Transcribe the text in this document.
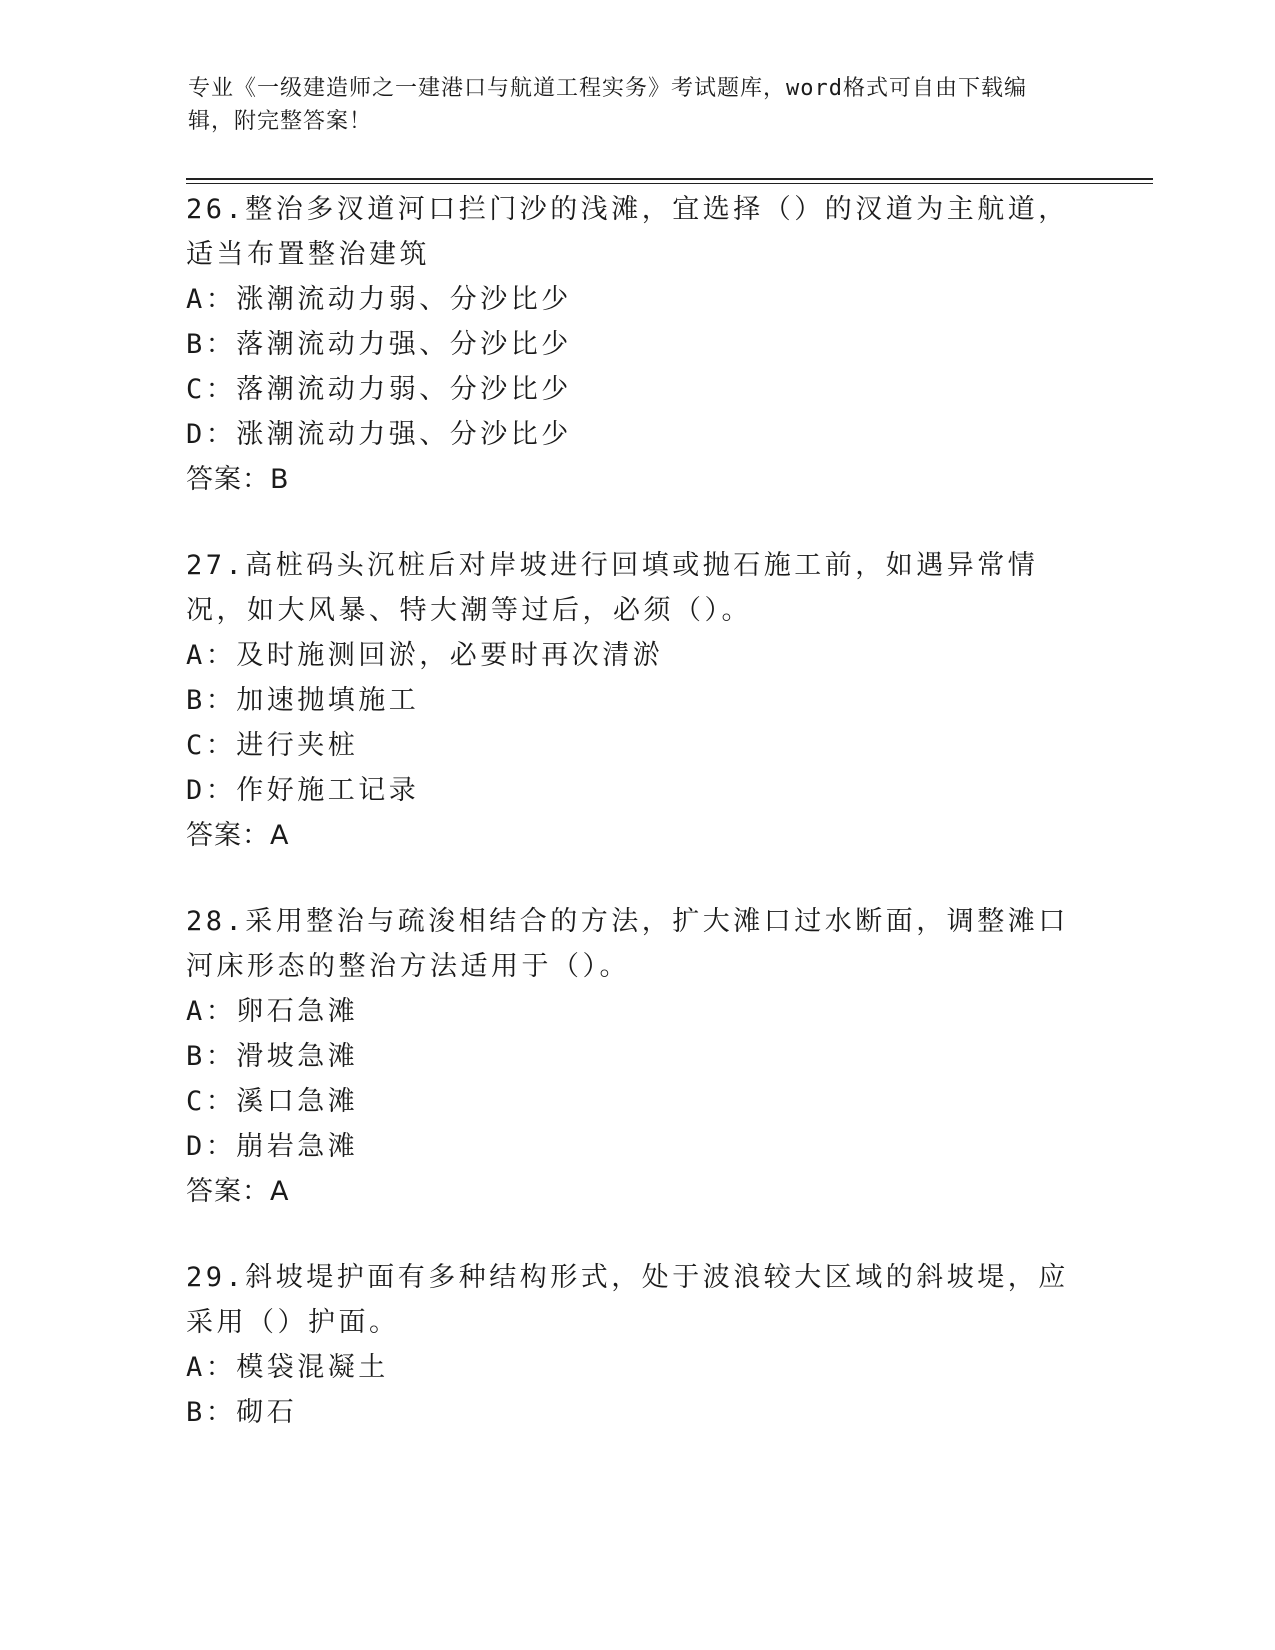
专业《一级建造师之一建港口与航道工程实务》考试题库，word格式可自由下载编辑，附完整答案！

26.整治多汊道河口拦门沙的浅滩，宜选择（）的汊道为主航道，适当布置整治建筑

A：涨潮流动力弱、分沙比少

B：落潮流动力强、分沙比少

C：落潮流动力弱、分沙比少

D：涨潮流动力强、分沙比少

答案：B

27.高桩码头沉桩后对岸坡进行回填或抛石施工前，如遇异常情况，如大风暴、特大潮等过后，必须（）。

A：及时施测回淤，必要时再次清淤

B：加速抛填施工

C：进行夹桩

D：作好施工记录

答案：A

28.采用整治与疏浚相结合的方法，扩大滩口过水断面，调整滩口河床形态的整治方法适用于（）。

A：卵石急滩

B：滑坡急滩

C：溪口急滩

D：崩岩急滩

答案：A

29.斜坡堤护面有多种结构形式，处于波浪较大区域的斜坡堤，应采用（）护面。

A：模袋混凝土

B：砌石
